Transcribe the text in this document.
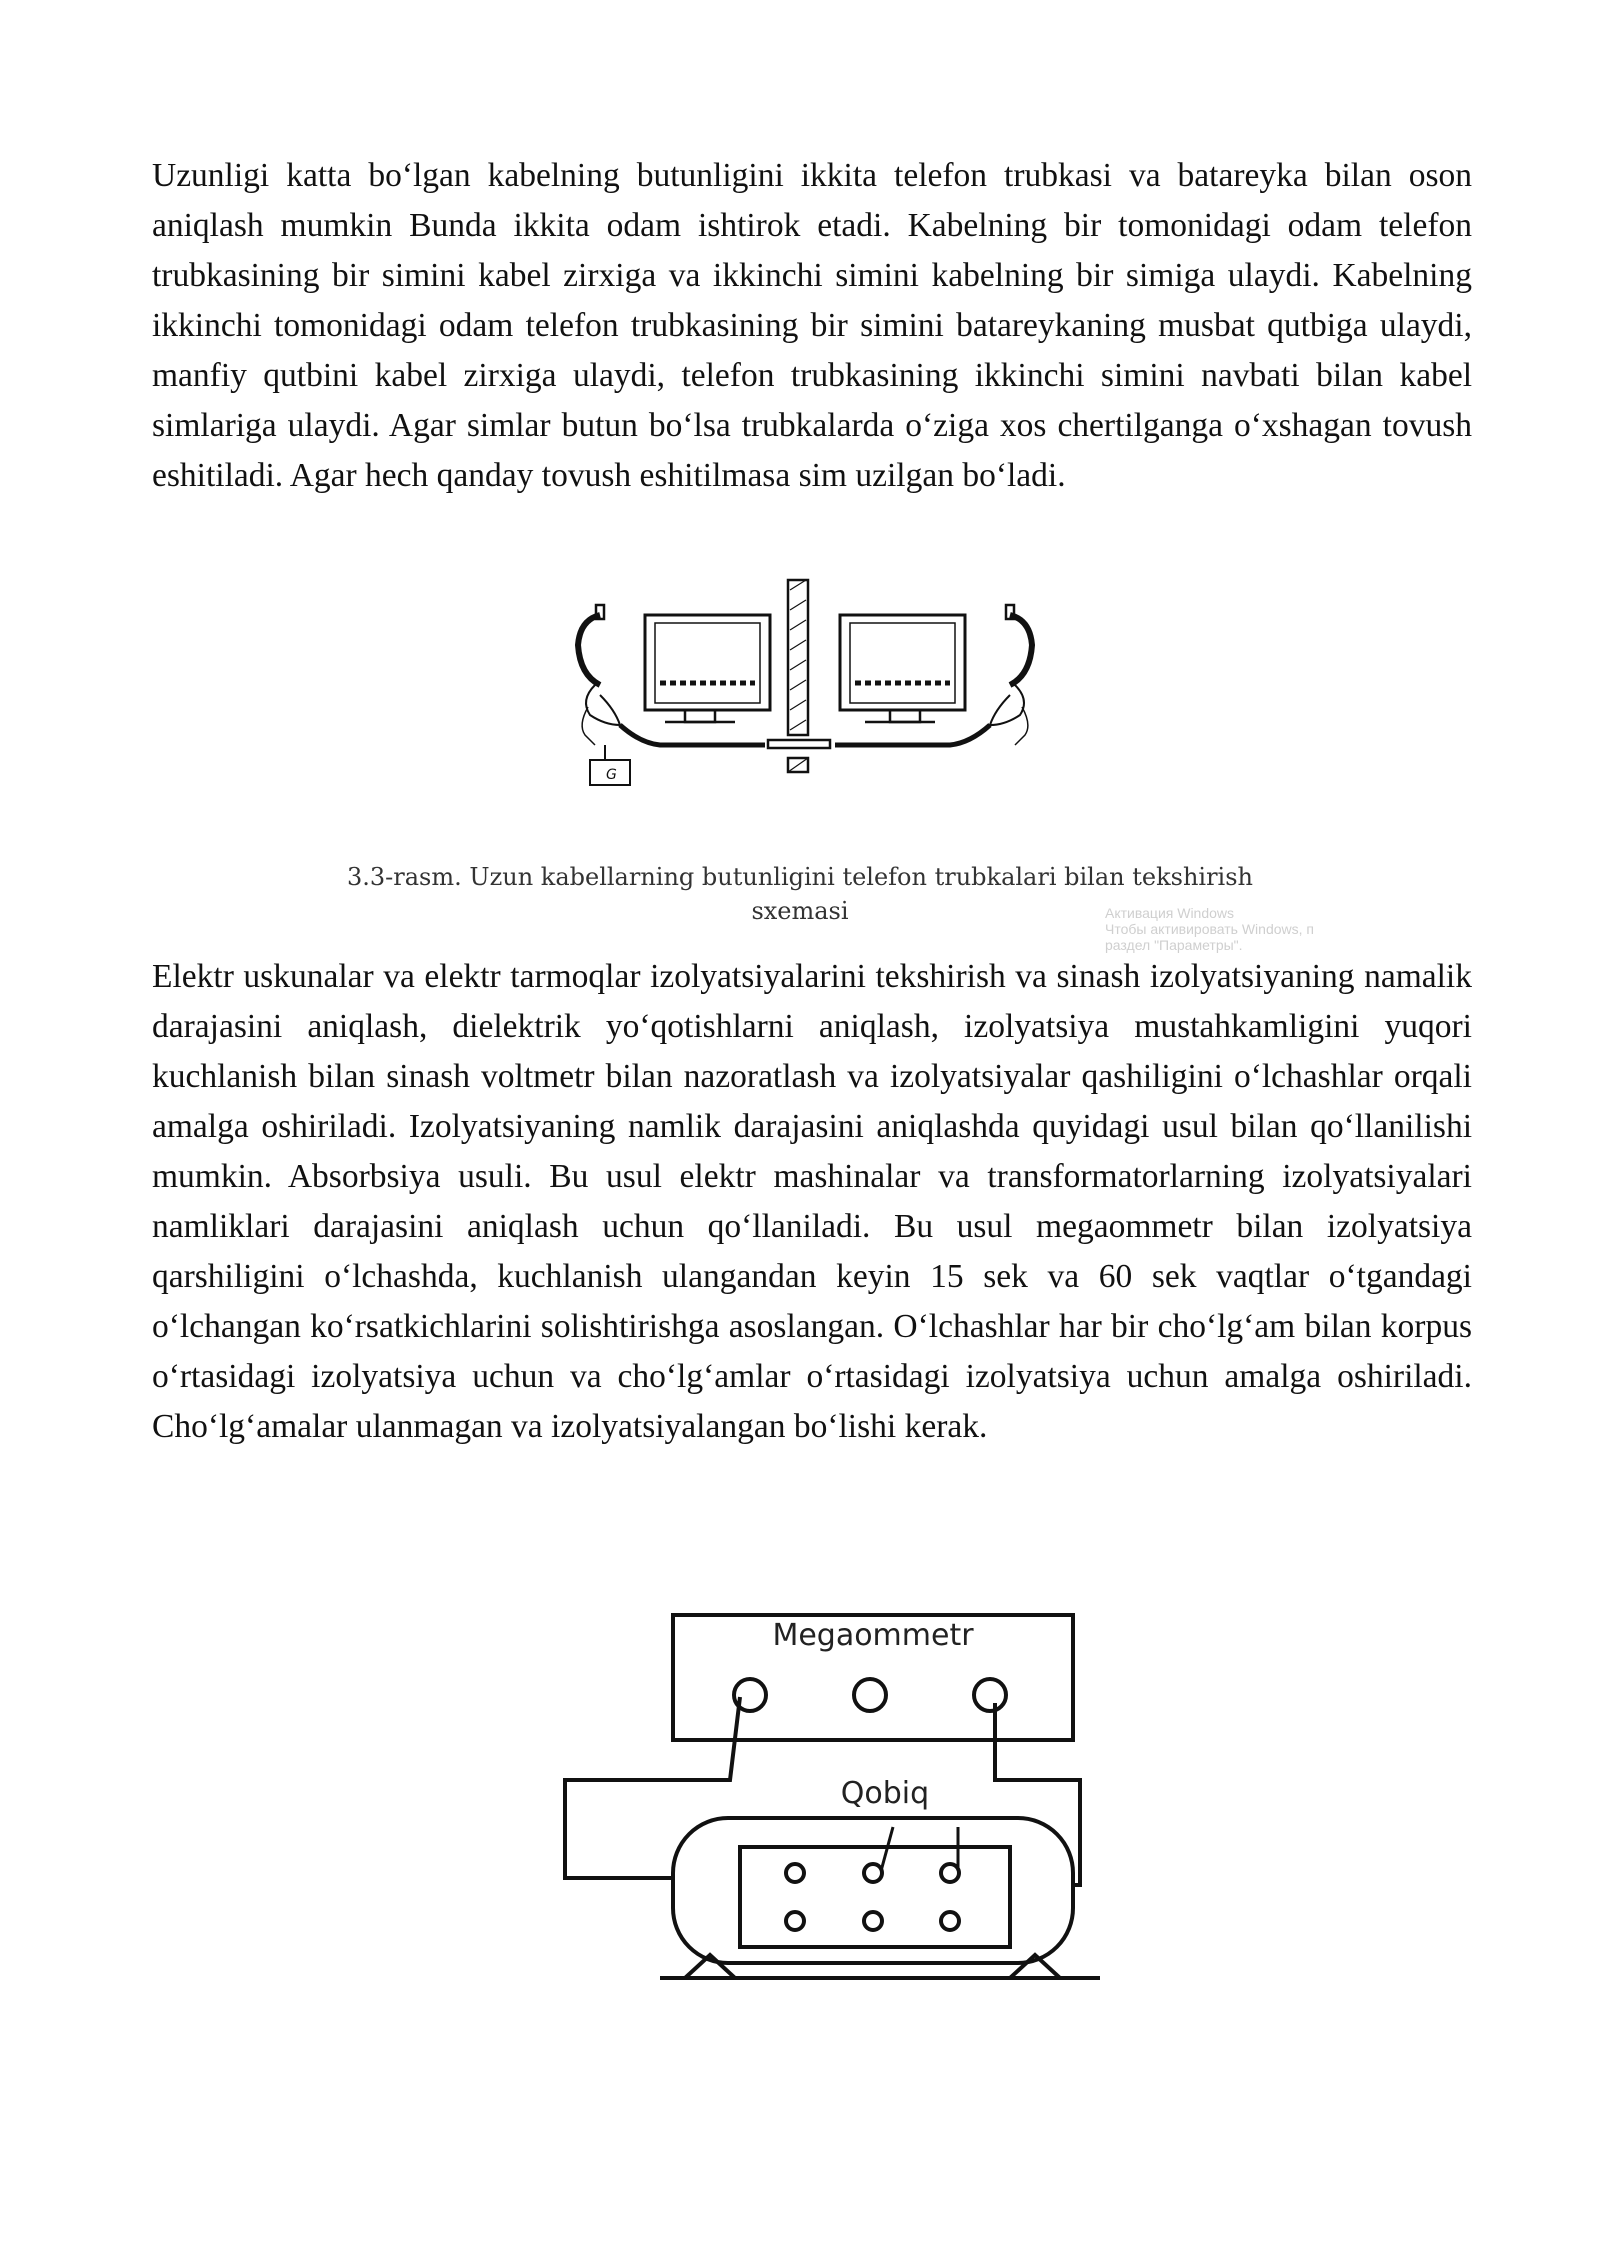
Uzunligi katta bo‘lgan kabelning butunligini ikkita telefon trubkasi va batareyka bilan oson aniqlash mumkin Bunda ikkita odam ishtirok etadi. Kabelning bir tomonidagi odam telefon trubkasining bir simini kabel zirxiga va ikkinchi simini kabelning bir simiga ulaydi. Kabelning ikkinchi tomonidagi odam telefon trubkasining bir simini batareykaning musbat qutbiga ulaydi, manfiy qutbini kabel zirxiga ulaydi, telefon trubkasining ikkinchi simini navbati bilan kabel simlariga ulaydi. Agar simlar butun bo‘lsa trubkalarda o‘ziga xos chertilganga o‘xshagan tovush eshitiladi. Agar hech qanday tovush eshitilmasa sim uzilgan bo‘ladi.

G
3.3-rasm. Uzun kabellarning butunligini telefon trubkalari bilan tekshirish
sxemasi	Активация Windows
Чтобы активировать Windows, п
раздел "Параметры".

Elektr uskunalar va elektr tarmoqlar izolyatsiyalarini tekshirish va sinash izolyatsiyaning namalik darajasini aniqlash, dielektrik yo‘qotishlarni aniqlash, izolyatsiya mustahkamligini yuqori kuchlanish bilan sinash voltmetr bilan nazoratlash va izolyatsiyalar qashiligini o‘lchashlar orqali amalga oshiriladi. Izolyatsiyaning namlik darajasini aniqlashda quyidagi usul bilan qo‘llanilishi mumkin. Absorbsiya usuli. Bu usul elektr mashinalar va transformatorlarning izolyatsiyalari namliklari darajasini aniqlash uchun qo‘llaniladi. Bu usul megaommetr bilan izolyatsiya qarshiligini o‘lchashda, kuchlanish ulangandan keyin 15 sek va 60 sek vaqtlar o‘tgandagi o‘lchangan ko‘rsatkichlarini solishtirishga asoslangan. O‘lchashlar har bir cho‘lg‘am bilan korpus o‘rtasidagi izolyatsiya uchun va cho‘lg‘amlar o‘rtasidagi izolyatsiya uchun amalga oshiriladi. Cho‘lg‘amalar ulanmagan va izolyatsiyalangan bo‘lishi kerak.

Megaommetr
Qobiq
